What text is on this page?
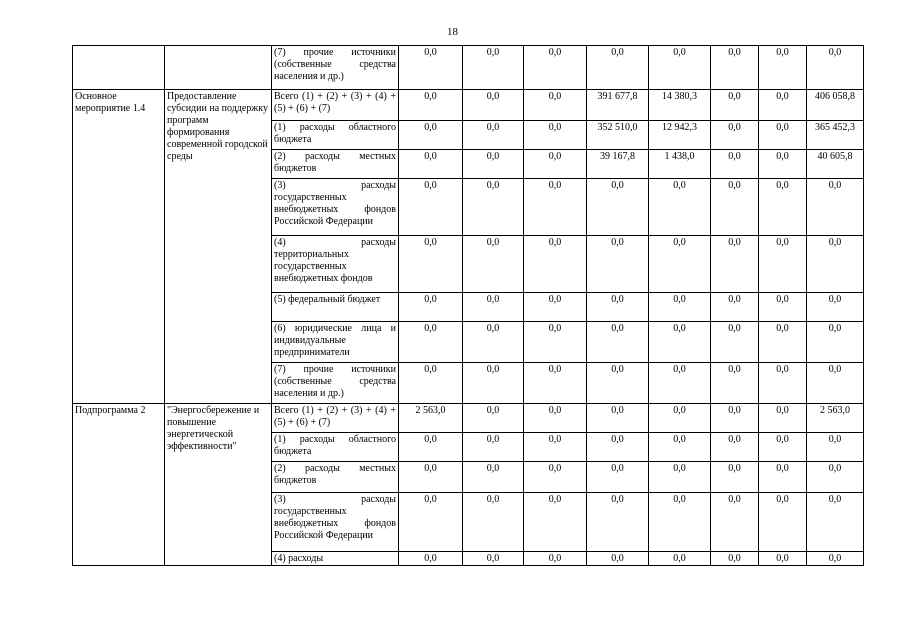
18
		(7) прочие источники (собственные средства населения и др.)	0,0	0,0	0,0	0,0	0,0	0,0	0,0	0,0
Основное мероприятие 1.4	Предоставление субсидии на поддержку программ формирования современной городской среды	Всего (1) + (2) + (3) + (4) + (5) + (6) + (7)	0,0	0,0	0,0	391 677,8	14 380,3	0,0	0,0	406 058,8
		(1) расходы областного бюджета	0,0	0,0	0,0	352 510,0	12 942,3	0,0	0,0	365 452,3
		(2) расходы местных бюджетов	0,0	0,0	0,0	39 167,8	1 438,0	0,0	0,0	40 605,8
		(3) расходы государственных внебюджетных фондов Российской Федерации	0,0	0,0	0,0	0,0	0,0	0,0	0,0	0,0
		(4) расходы территориальных государственных внебюджетных фондов	0,0	0,0	0,0	0,0	0,0	0,0	0,0	0,0
		(5) федеральный бюджет	0,0	0,0	0,0	0,0	0,0	0,0	0,0	0,0
		(6) юридические лица и индивидуальные предприниматели	0,0	0,0	0,0	0,0	0,0	0,0	0,0	0,0
		(7) прочие источники (собственные средства населения и др.)	0,0	0,0	0,0	0,0	0,0	0,0	0,0	0,0
Подпрограмма 2	"Энергосбережение и повышение энергетической эффективности"	Всего (1) + (2) + (3) + (4) + (5) + (6) + (7)	2 563,0	0,0	0,0	0,0	0,0	0,0	0,0	2 563,0
		(1) расходы областного бюджета	0,0	0,0	0,0	0,0	0,0	0,0	0,0	0,0
		(2) расходы местных бюджетов	0,0	0,0	0,0	0,0	0,0	0,0	0,0	0,0
		(3) расходы государственных внебюджетных фондов Российской Федерации	0,0	0,0	0,0	0,0	0,0	0,0	0,0	0,0
		(4) расходы	0,0	0,0	0,0	0,0	0,0	0,0	0,0	0,0
